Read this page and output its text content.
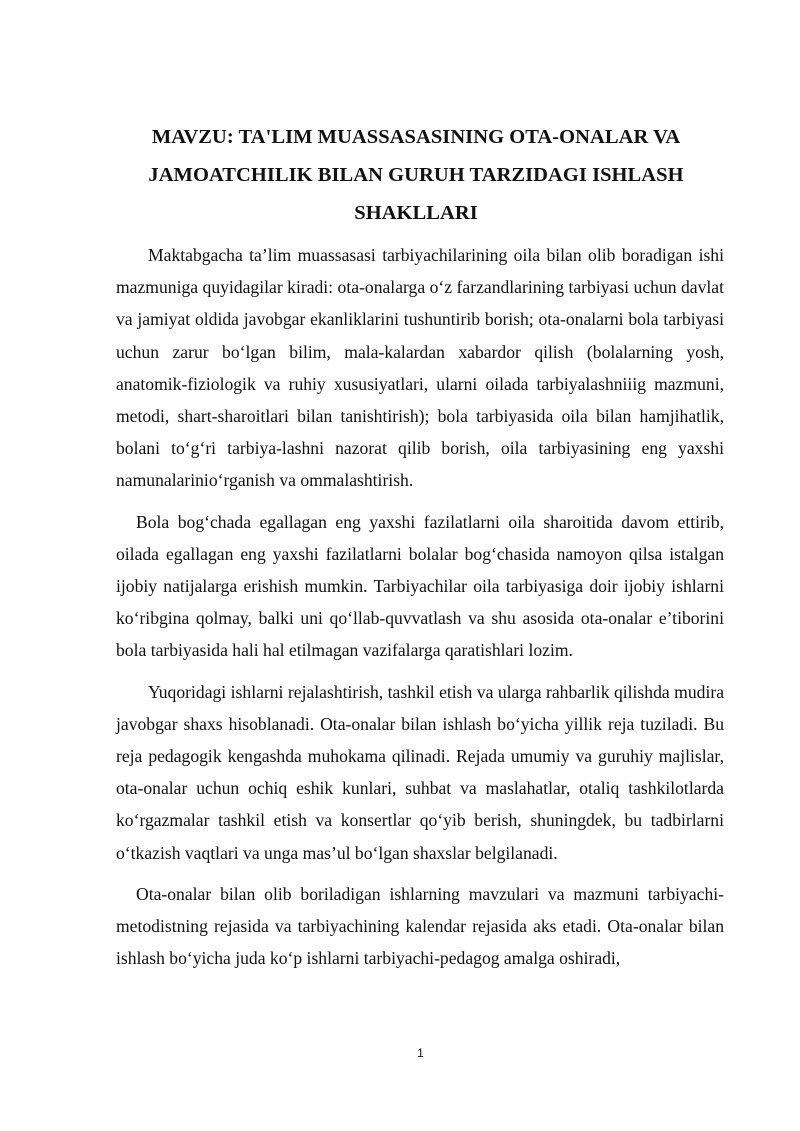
MAVZU: TA'LIM MUASSASASINING OTA-ONALAR VA JAMOATCHILIK BILAN GURUH TARZIDAGI ISHLASH SHAKLLARI

Maktabgacha ta’lim muassasasi tarbiyachilarining oila bilan olib boradigan ishi mazmuniga quyidagilar kiradi: ota-onalarga o‘z farzandlarining tarbiyasi uchun davlat va jamiyat oldida javobgar ekanliklarini tushuntirib borish; ota-onalarni bola tarbiyasi uchun zarur bo‘lgan bilim, mala-kalardan xabardor qilish (bolalarning yosh, anatomik-fiziologik va ruhiy xususiyatlari, ularni oilada tarbiyalashniiig mazmuni, metodi, shart-sharoitlari bilan tanishtirish); bola tarbiyasida oila bilan hamjihatlik, bolani to‘g‘ri tarbiya-lashni nazorat qilib borish, oila tarbiyasining eng yaxshi namunalarinio‘rganish va ommalashtirish.

Bola bog‘chada egallagan eng yaxshi fazilatlarni oila sharoitida davom ettirib, oilada egallagan eng yaxshi fazilatlarni bolalar bog‘chasida namoyon qilsa istalgan ijobiy natijalarga erishish mumkin. Tarbiyachilar oila tarbiyasiga doir ijobiy ishlarni ko‘ribgina qolmay, balki uni qo‘llab-quvvatlash va shu asosida ota-onalar e’tiborini bola tarbiyasida hali hal etilmagan vazifalarga qaratishlari lozim.

Yuqoridagi ishlarni rejalashtirish, tashkil etish va ularga rahbarlik qilishda mudira javobgar shaxs hisoblanadi. Ota-onalar bilan ishlash bo‘yicha yillik reja tuziladi. Bu reja pedagogik kengashda muhokama qilinadi. Rejada umumiy va guruhiy majlislar, ota-onalar uchun ochiq eshik kunlari, suhbat va maslahatlar, otaliq tashkilotlarda ko‘rgazmalar tashkil etish va konsertlar qo‘yib berish, shuningdek, bu tadbirlarni o‘tkazish vaqtlari va unga mas’ul bo‘lgan shaxslar belgilanadi.

Ota-onalar bilan olib boriladigan ishlarning mavzulari va mazmuni tarbiyachi-metodistning rejasida va tarbiyachining kalendar rejasida aks etadi. Ota-onalar bilan ishlash bo‘yicha juda ko‘p ishlarni tarbiyachi-pedagog amalga oshiradi,

1
